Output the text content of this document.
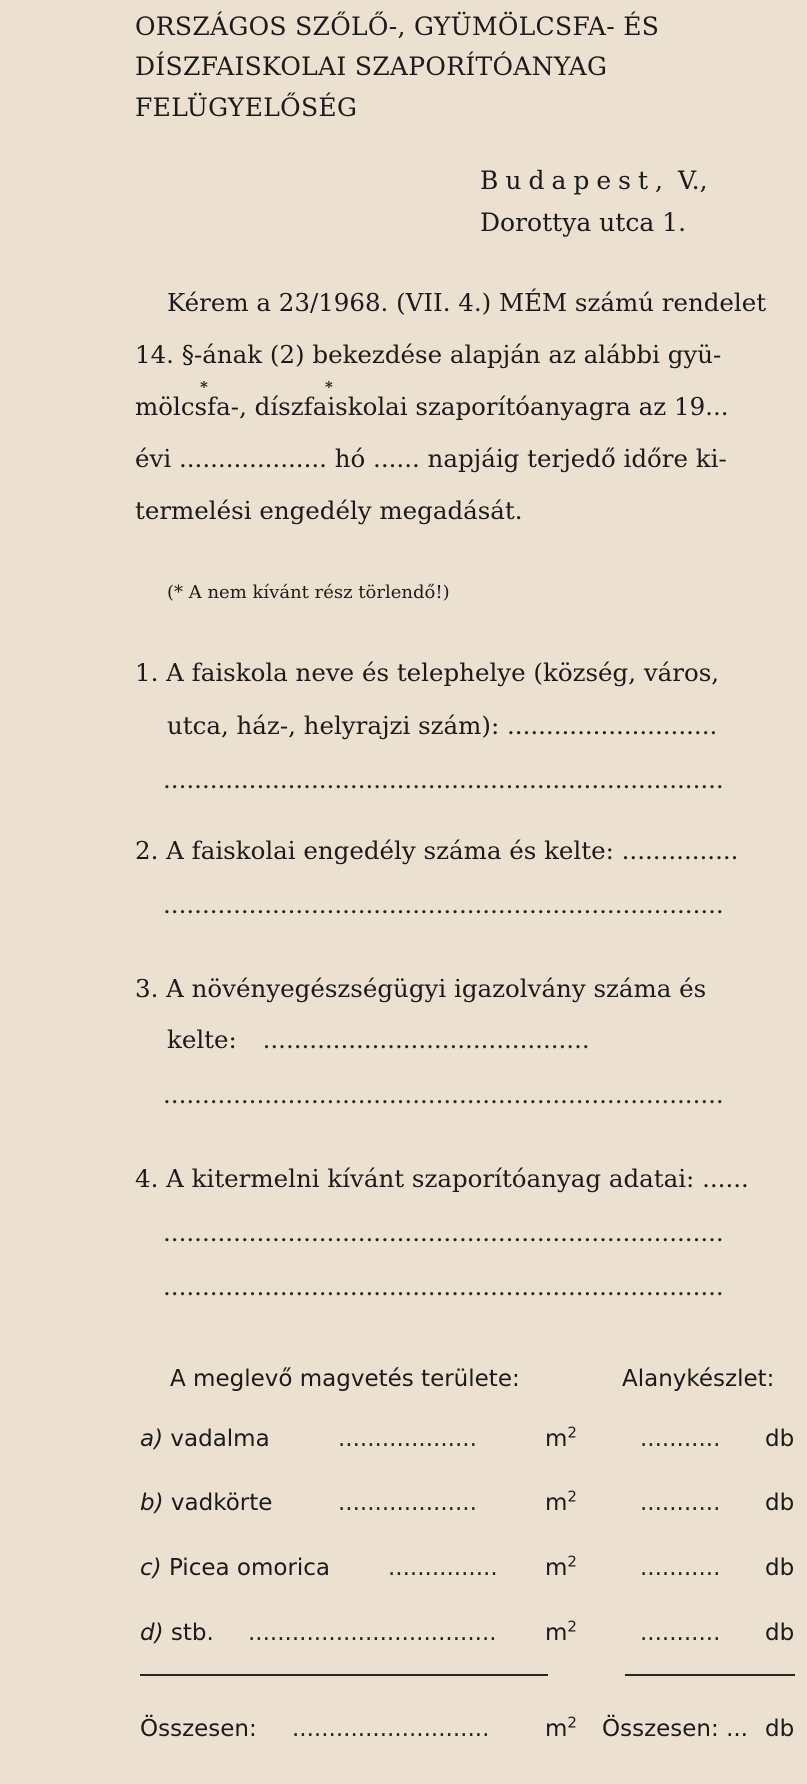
ORSZÁGOS SZŐLŐ-, GYÜMÖLCSFA- ÉS
DÍSZFAISKOLAI SZAPORÍTÓANYAG
FELÜGYELŐSÉG
Budapest, V.,
Dorottya utca 1.
Kérem a 23/1968. (VII. 4.) MÉM számú rendelet
14. §-ának (2) bekezdése alapján az alábbi gyü-
*	*
mölcsfa-, díszfaiskolai szaporítóanyagra az 19...
évi ................... hó ...... napjáig terjedő időre ki-
termelési engedély megadását.
(* A nem kívánt rész törlendő!)
1. A faiskola neve és telephelye (község, város,
utca, ház-, helyrajzi szám): ...........................
........................................................................
2. A faiskolai engedély száma és kelte: ...............
........................................................................
3. A növényegészségügyi igazolvány száma és
kelte: ..........................................
........................................................................
4. A kitermelni kívánt szaporítóanyag adatai: ......
........................................................................
........................................................................
A meglevő magvetés területe:	Alanykészlet:
a) vadalma	...................	$m^2$	........... db
b) vadkörte	...................	$m^2$	........... db
c) Picea omorica	............... $m^2$	........... db
d) stb. .................................. $m^2$	........... db
Összesen: ........................... $m^2$ Összesen: ... db
